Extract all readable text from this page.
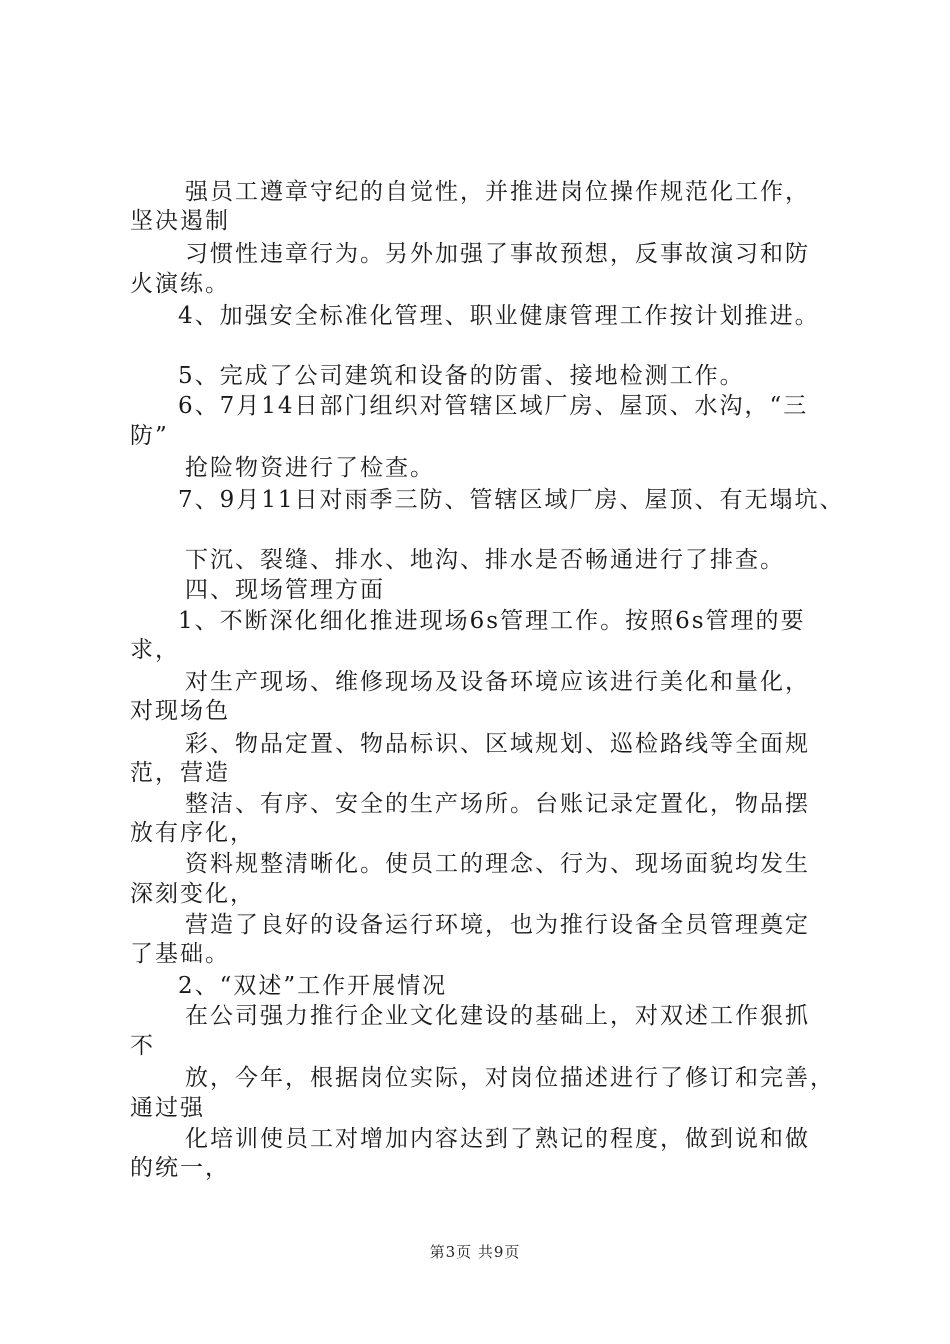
强员工遵章守纪的自觉性，并推进岗位操作规范化工作，
坚决遏制
习惯性违章行为。另外加强了事故预想，反事故演习和防
火演练。
4、加强安全标准化管理、职业健康管理工作按计划推进。
5、完成了公司建筑和设备的防雷、接地检测工作。
6、7月14日部门组织对管辖区域厂房、屋顶、水沟，“三
防”
抢险物资进行了检查。
7、9月11日对雨季三防、管辖区域厂房、屋顶、有无塌坑、
下沉、裂缝、排水、地沟、排水是否畅通进行了排查。
四、现场管理方面
1、不断深化细化推进现场6s管理工作。按照6s管理的要
求，
对生产现场、维修现场及设备环境应该进行美化和量化，
对现场色
彩、物品定置、物品标识、区域规划、巡检路线等全面规
范，营造
整洁、有序、安全的生产场所。台账记录定置化，物品摆
放有序化，
资料规整清晰化。使员工的理念、行为、现场面貌均发生
深刻变化，
营造了良好的设备运行环境，也为推行设备全员管理奠定
了基础。
2、“双述”工作开展情况
在公司强力推行企业文化建设的基础上，对双述工作狠抓
不
放，今年，根据岗位实际，对岗位描述进行了修订和完善，
通过强
化培训使员工对增加内容达到了熟记的程度，做到说和做
的统一，
第3页 共9页
